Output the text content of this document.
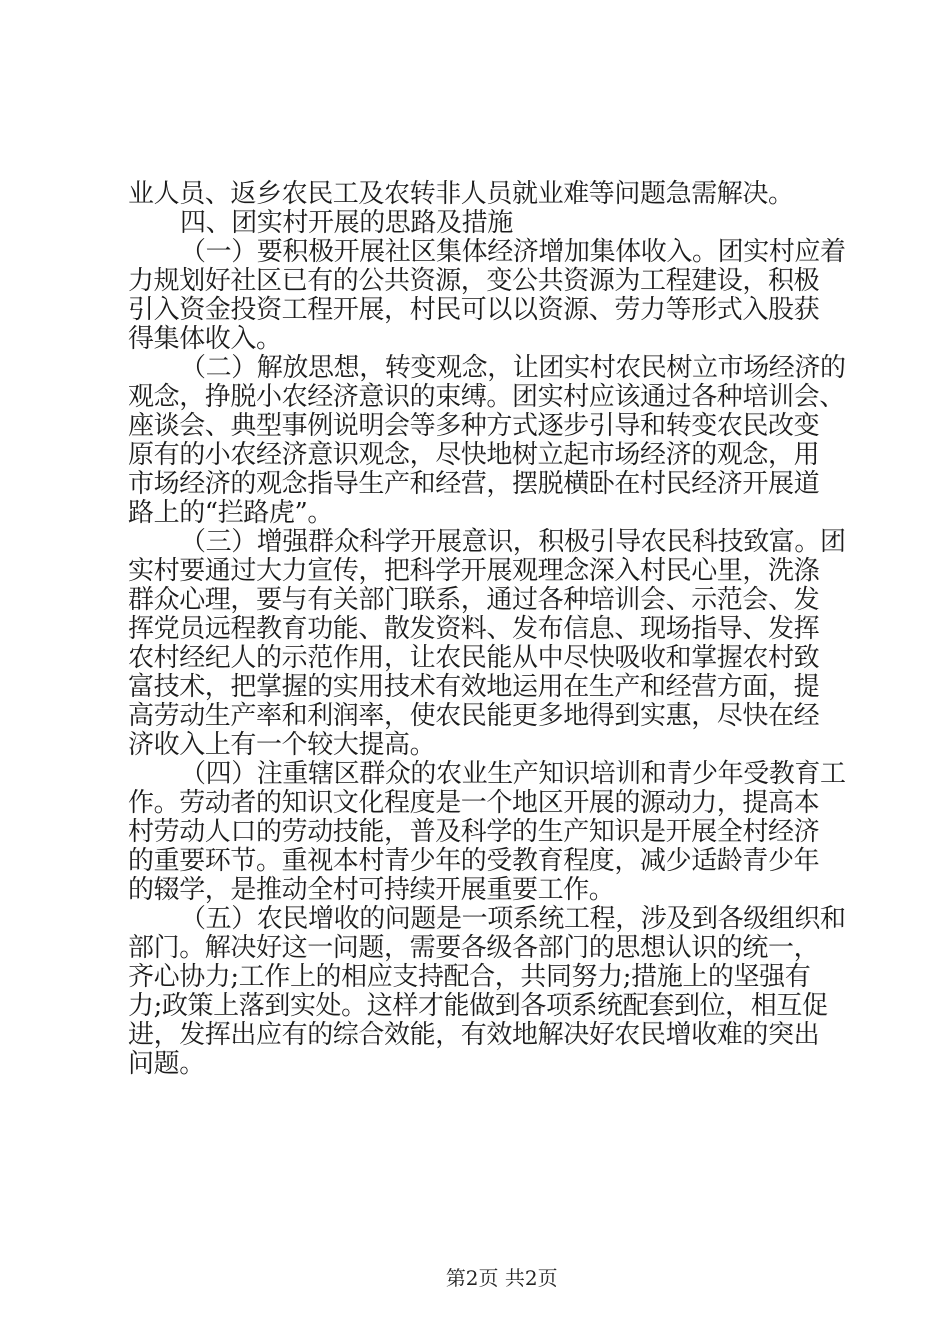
业人员、返乡农民工及农转非人员就业难等问题急需解决。
四、团实村开展的思路及措施
（一）要积极开展社区集体经济增加集体收入。团实村应着
力规划好社区已有的公共资源，变公共资源为工程建设，积极
引入资金投资工程开展，村民可以以资源、劳力等形式入股获
得集体收入。
（二）解放思想，转变观念，让团实村农民树立市场经济的
观念，挣脱小农经济意识的束缚。团实村应该通过各种培训会、
座谈会、典型事例说明会等多种方式逐步引导和转变农民改变
原有的小农经济意识观念，尽快地树立起市场经济的观念，用
市场经济的观念指导生产和经营，摆脱横卧在村民经济开展道
路上的“拦路虎”。
（三）增强群众科学开展意识，积极引导农民科技致富。团
实村要通过大力宣传，把科学开展观理念深入村民心里，洗涤
群众心理，要与有关部门联系，通过各种培训会、示范会、发
挥党员远程教育功能、散发资料、发布信息、现场指导、发挥
农村经纪人的示范作用，让农民能从中尽快吸收和掌握农村致
富技术，把掌握的实用技术有效地运用在生产和经营方面，提
高劳动生产率和利润率，使农民能更多地得到实惠，尽快在经
济收入上有一个较大提高。
（四）注重辖区群众的农业生产知识培训和青少年受教育工
作。劳动者的知识文化程度是一个地区开展的源动力，提高本
村劳动人口的劳动技能，普及科学的生产知识是开展全村经济
的重要环节。重视本村青少年的受教育程度，减少适龄青少年
的辍学，是推动全村可持续开展重要工作。
（五）农民增收的问题是一项系统工程，涉及到各级组织和
部门。解决好这一问题，需要各级各部门的思想认识的统一，
齐心协力;工作上的相应支持配合，共同努力;措施上的坚强有
力;政策上落到实处。这样才能做到各项系统配套到位，相互促
进，发挥出应有的综合效能，有效地解决好农民增收难的突出
问题。

第2页 共2页
